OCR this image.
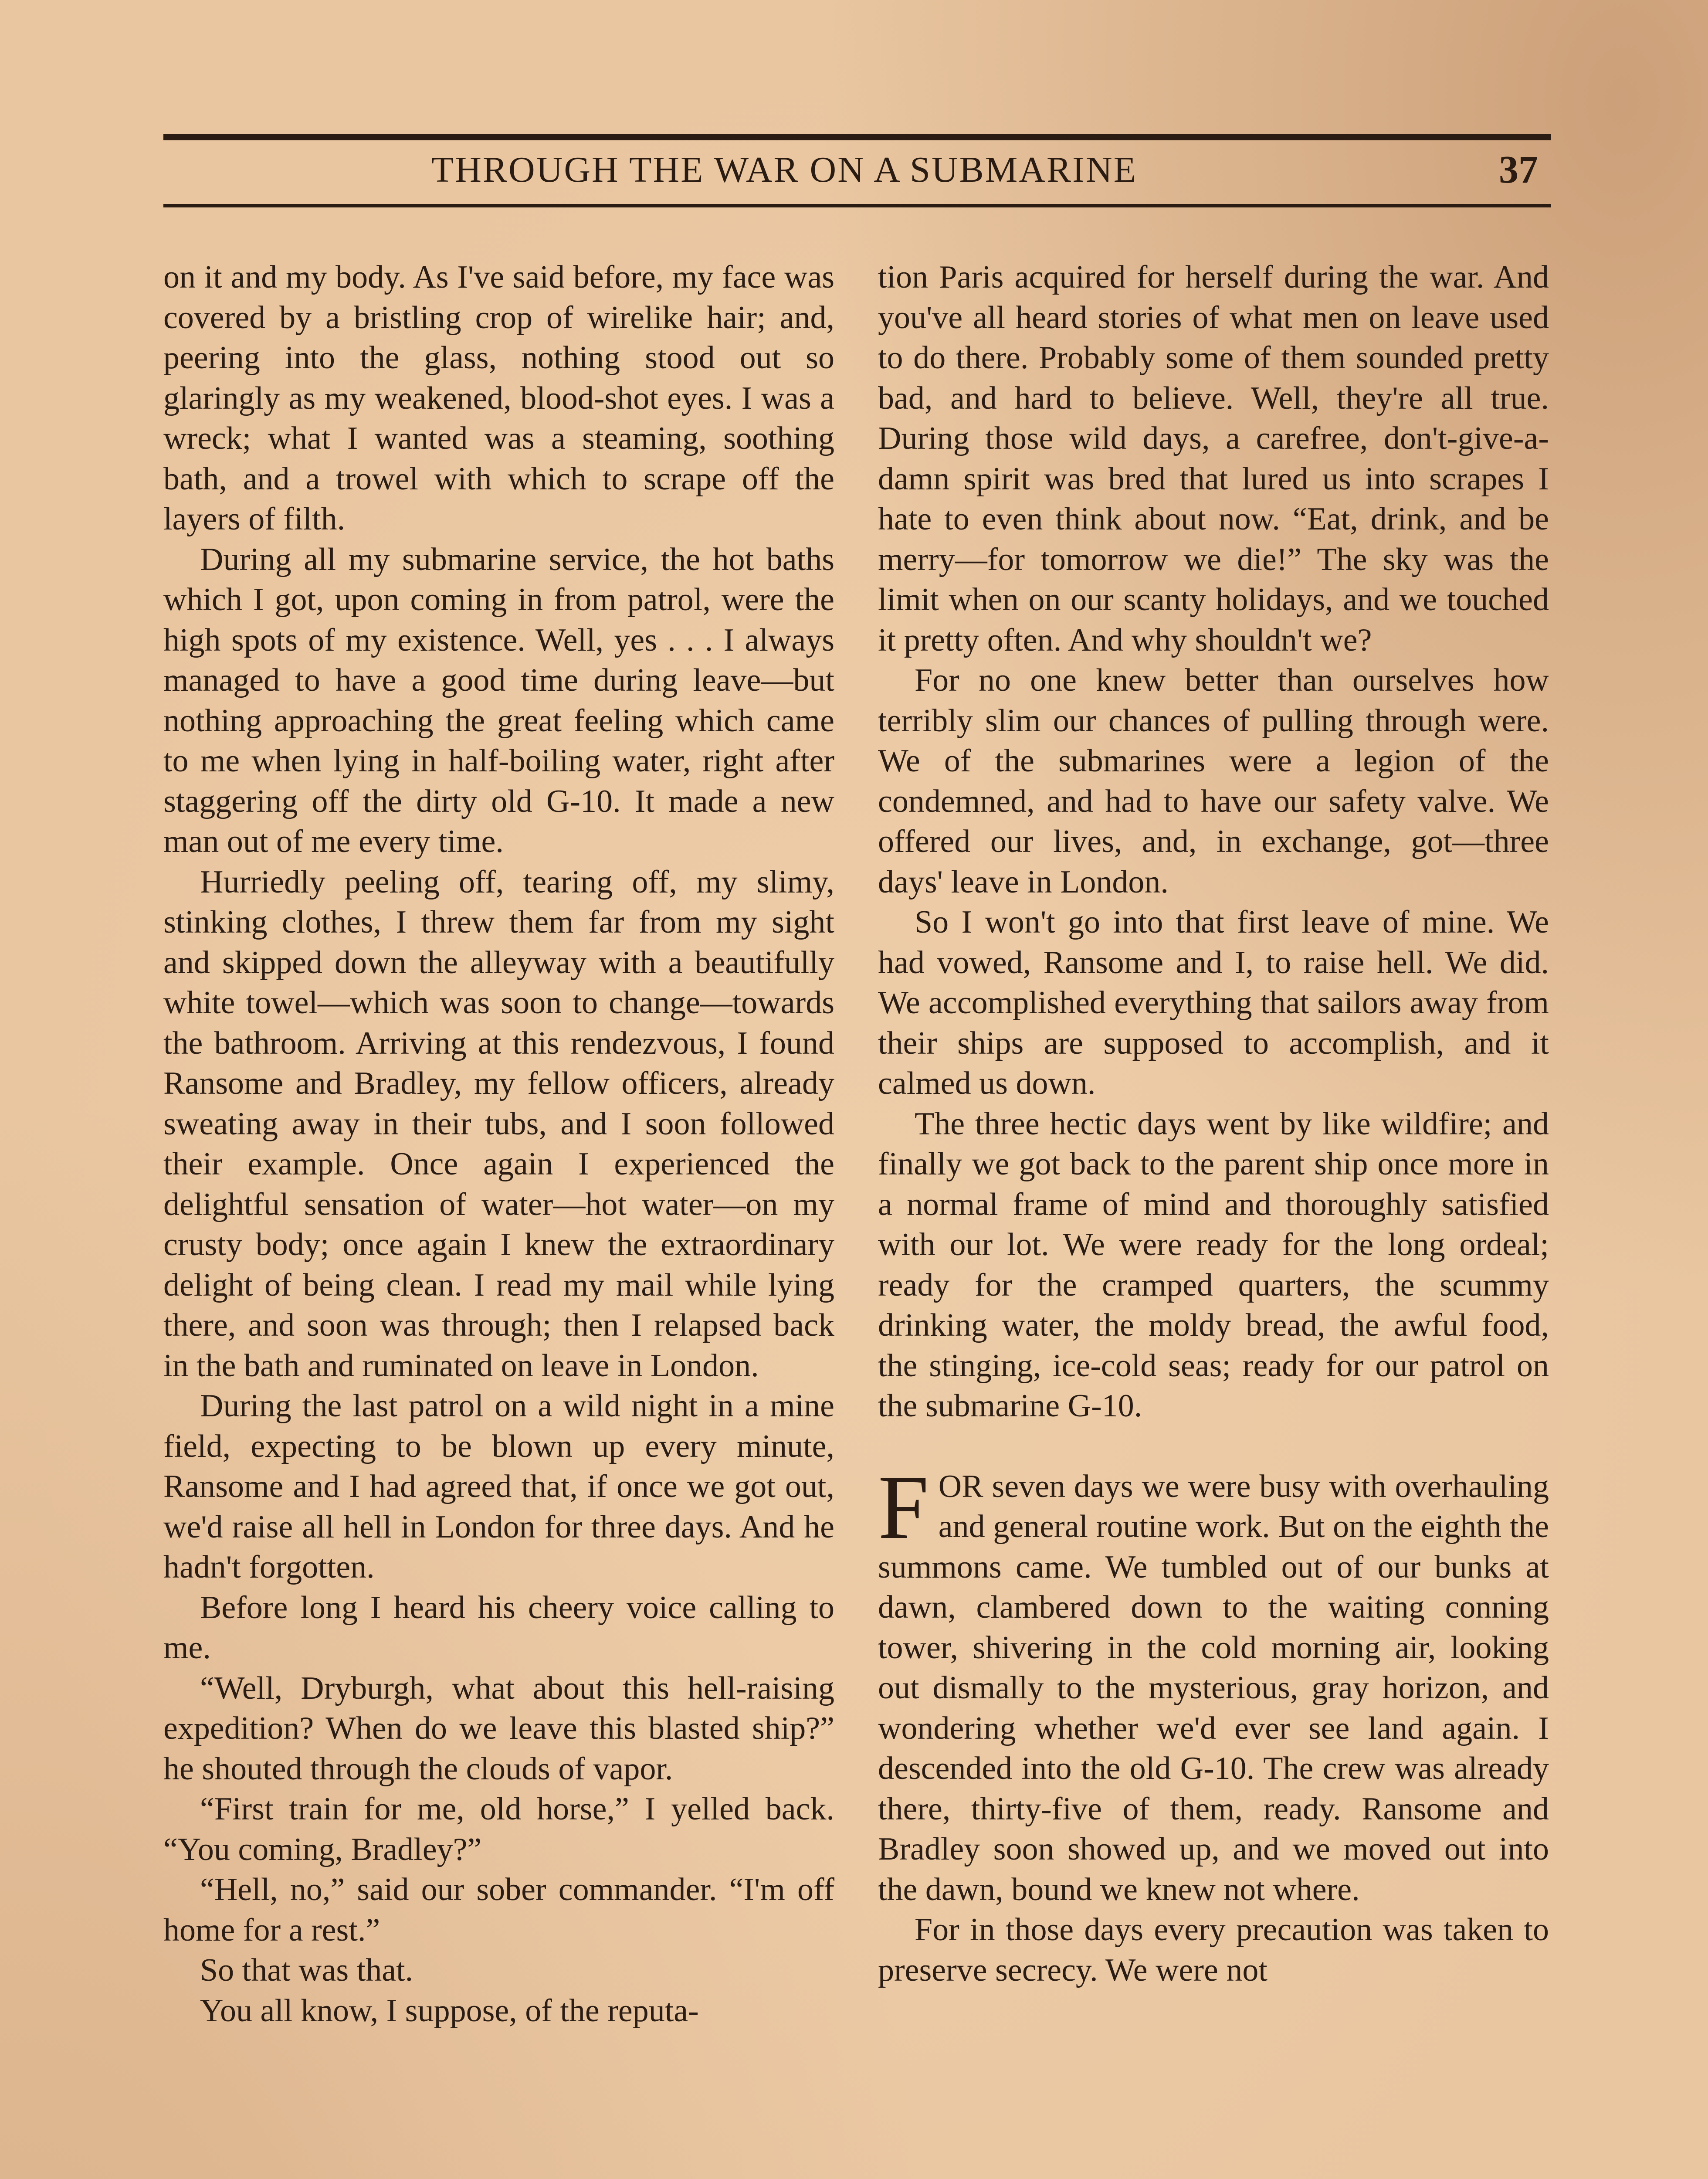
THROUGH THE WAR ON A SUBMARINE	37

on it and my body. As I've said before, my face was covered by a bristling crop of wirelike hair; and, peering into the glass, nothing stood out so glaringly as my weakened, blood-shot eyes. I was a wreck; what I wanted was a steaming, soothing bath, and a trowel with which to scrape off the layers of filth.

During all my submarine service, the hot baths which I got, upon coming in from patrol, were the high spots of my existence. Well, yes . . . I always managed to have a good time during leave—but nothing approaching the great feeling which came to me when lying in half-boiling water, right after staggering off the dirty old G-10. It made a new man out of me every time.

Hurriedly peeling off, tearing off, my slimy, stinking clothes, I threw them far from my sight and skipped down the alleyway with a beautifully white towel—which was soon to change—towards the bathroom. Arriving at this rendezvous, I found Ransome and Bradley, my fellow officers, already sweating away in their tubs, and I soon followed their example. Once again I experienced the delightful sensation of water—hot water—on my crusty body; once again I knew the extraordinary delight of being clean. I read my mail while lying there, and soon was through; then I relapsed back in the bath and ruminated on leave in London.

During the last patrol on a wild night in a mine field, expecting to be blown up every minute, Ransome and I had agreed that, if once we got out, we'd raise all hell in London for three days. And he hadn't forgotten.

Before long I heard his cheery voice calling to me.

“Well, Dryburgh, what about this hell-raising expedition? When do we leave this blasted ship?” he shouted through the clouds of vapor.

“First train for me, old horse,” I yelled back. “You coming, Bradley?”

“Hell, no,” said our sober commander. “I'm off home for a rest.”

So that was that.

You all know, I suppose, of the reputa-

tion Paris acquired for herself during the war. And you've all heard stories of what men on leave used to do there. Probably some of them sounded pretty bad, and hard to believe. Well, they're all true. During those wild days, a carefree, don't-give-a-damn spirit was bred that lured us into scrapes I hate to even think about now. “Eat, drink, and be merry—for tomorrow we die!” The sky was the limit when on our scanty holidays, and we touched it pretty often. And why shouldn't we?

For no one knew better than ourselves how terribly slim our chances of pulling through were. We of the submarines were a legion of the condemned, and had to have our safety valve. We offered our lives, and, in exchange, got—three days' leave in London.

So I won't go into that first leave of mine. We had vowed, Ransome and I, to raise hell. We did. We accomplished everything that sailors away from their ships are supposed to accomplish, and it calmed us down.

The three hectic days went by like wildfire; and finally we got back to the parent ship once more in a normal frame of mind and thoroughly satisfied with our lot. We were ready for the long ordeal; ready for the cramped quarters, the scummy drinking water, the moldy bread, the awful food, the stinging, ice-cold seas; ready for our patrol on the submarine G-10.

FOR seven days we were busy with overhauling and general routine work. But on the eighth the summons came. We tumbled out of our bunks at dawn, clambered down to the waiting conning tower, shivering in the cold morning air, looking out dismally to the mysterious, gray horizon, and wondering whether we'd ever see land again. I descended into the old G-10. The crew was already there, thirty-five of them, ready. Ransome and Bradley soon showed up, and we moved out into the dawn, bound we knew not where.

For in those days every precaution was taken to preserve secrecy. We were not
